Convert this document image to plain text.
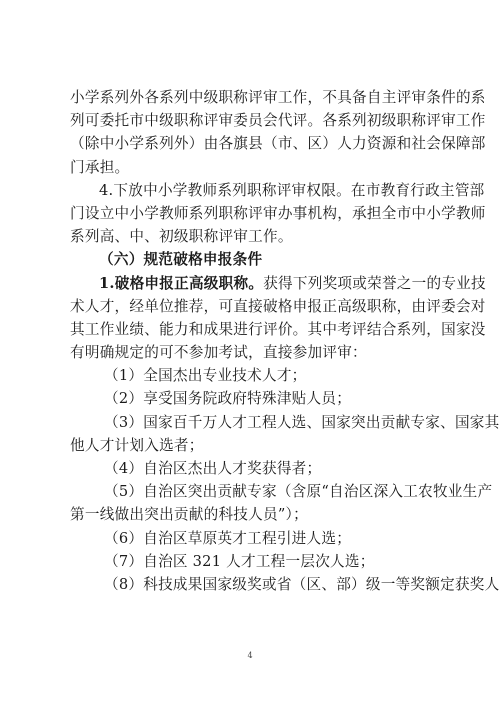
小学系列外各系列中级职称评审工作，不具备自主评审条件的系
列可委托市中级职称评审委员会代评。各系列初级职称评审工作
（除中小学系列外）由各旗县（市、区）人力资源和社会保障部
门承担。
4.下放中小学教师系列职称评审权限。在市教育行政主管部
门设立中小学教师系列职称评审办事机构，承担全市中小学教师
系列高、中、初级职称评审工作。
（六）规范破格申报条件
1.破格申报正高级职称。获得下列奖项或荣誉之一的专业技
术人才，经单位推荐，可直接破格申报正高级职称，由评委会对
其工作业绩、能力和成果进行评价。其中考评结合系列，国家没
有明确规定的可不参加考试，直接参加评审：
（1）全国杰出专业技术人才；
（2）享受国务院政府特殊津贴人员；
（3）国家百千万人才工程人选、国家突出贡献专家、国家其
他人才计划入选者；
（4）自治区杰出人才奖获得者；
（5）自治区突出贡献专家（含原“自治区深入工农牧业生产
第一线做出突出贡献的科技人员”）；
（6）自治区草原英才工程引进人选；
（7）自治区 321 人才工程一层次人选；
（8）科技成果国家级奖或省（区、部）级一等奖额定获奖人
4
